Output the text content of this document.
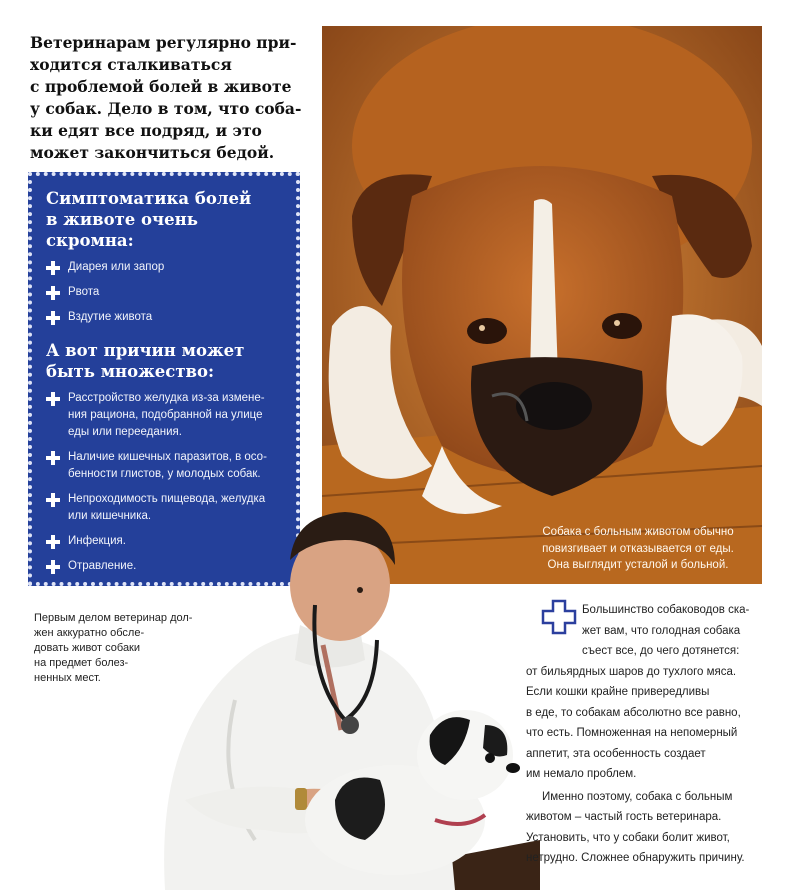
Ветеринарам регулярно при-
ходится сталкиваться
с проблемой болей в животе
у собак. Дело в том, что соба-
ки едят все подряд, и это
может закончиться бедой.
Симптоматика болей
в животе очень скромна:
Диарея или запор
Рвота
Вздутие живота
А вот причин может
быть множество:
Расстройство желудка из-за измене-ния рациона, подобранной на улице еды или переедания.
Наличие кишечных паразитов, в осо-бенности глистов, у молодых собак.
Непроходимость пищевода, желудка или кишечника.
Инфекция.
Отравление.
Собака с больным животом обычно
повизгивает и отказывается от еды.
Она выглядит усталой и больной.
Первым делом ветеринар дол-
жен аккуратно обсле-
довать живот собаки
на предмет болез-
ненных мест.

Большинство собаководов ска-
жет вам, что голодная собака
съест все, до чего дотянется:
от бильярдных шаров до тухлого мяса.
Если кошки крайне привередливы
в еде, то собакам абсолютно все равно,
что есть. Помноженная на непомерный
аппетит, эта особенность создает
им немало проблем.

Именно поэтому, собака с больным
животом – частый гость ветеринара.
Установить, что у собаки болит живот,
нетрудно. Сложнее обнаружить причину.
